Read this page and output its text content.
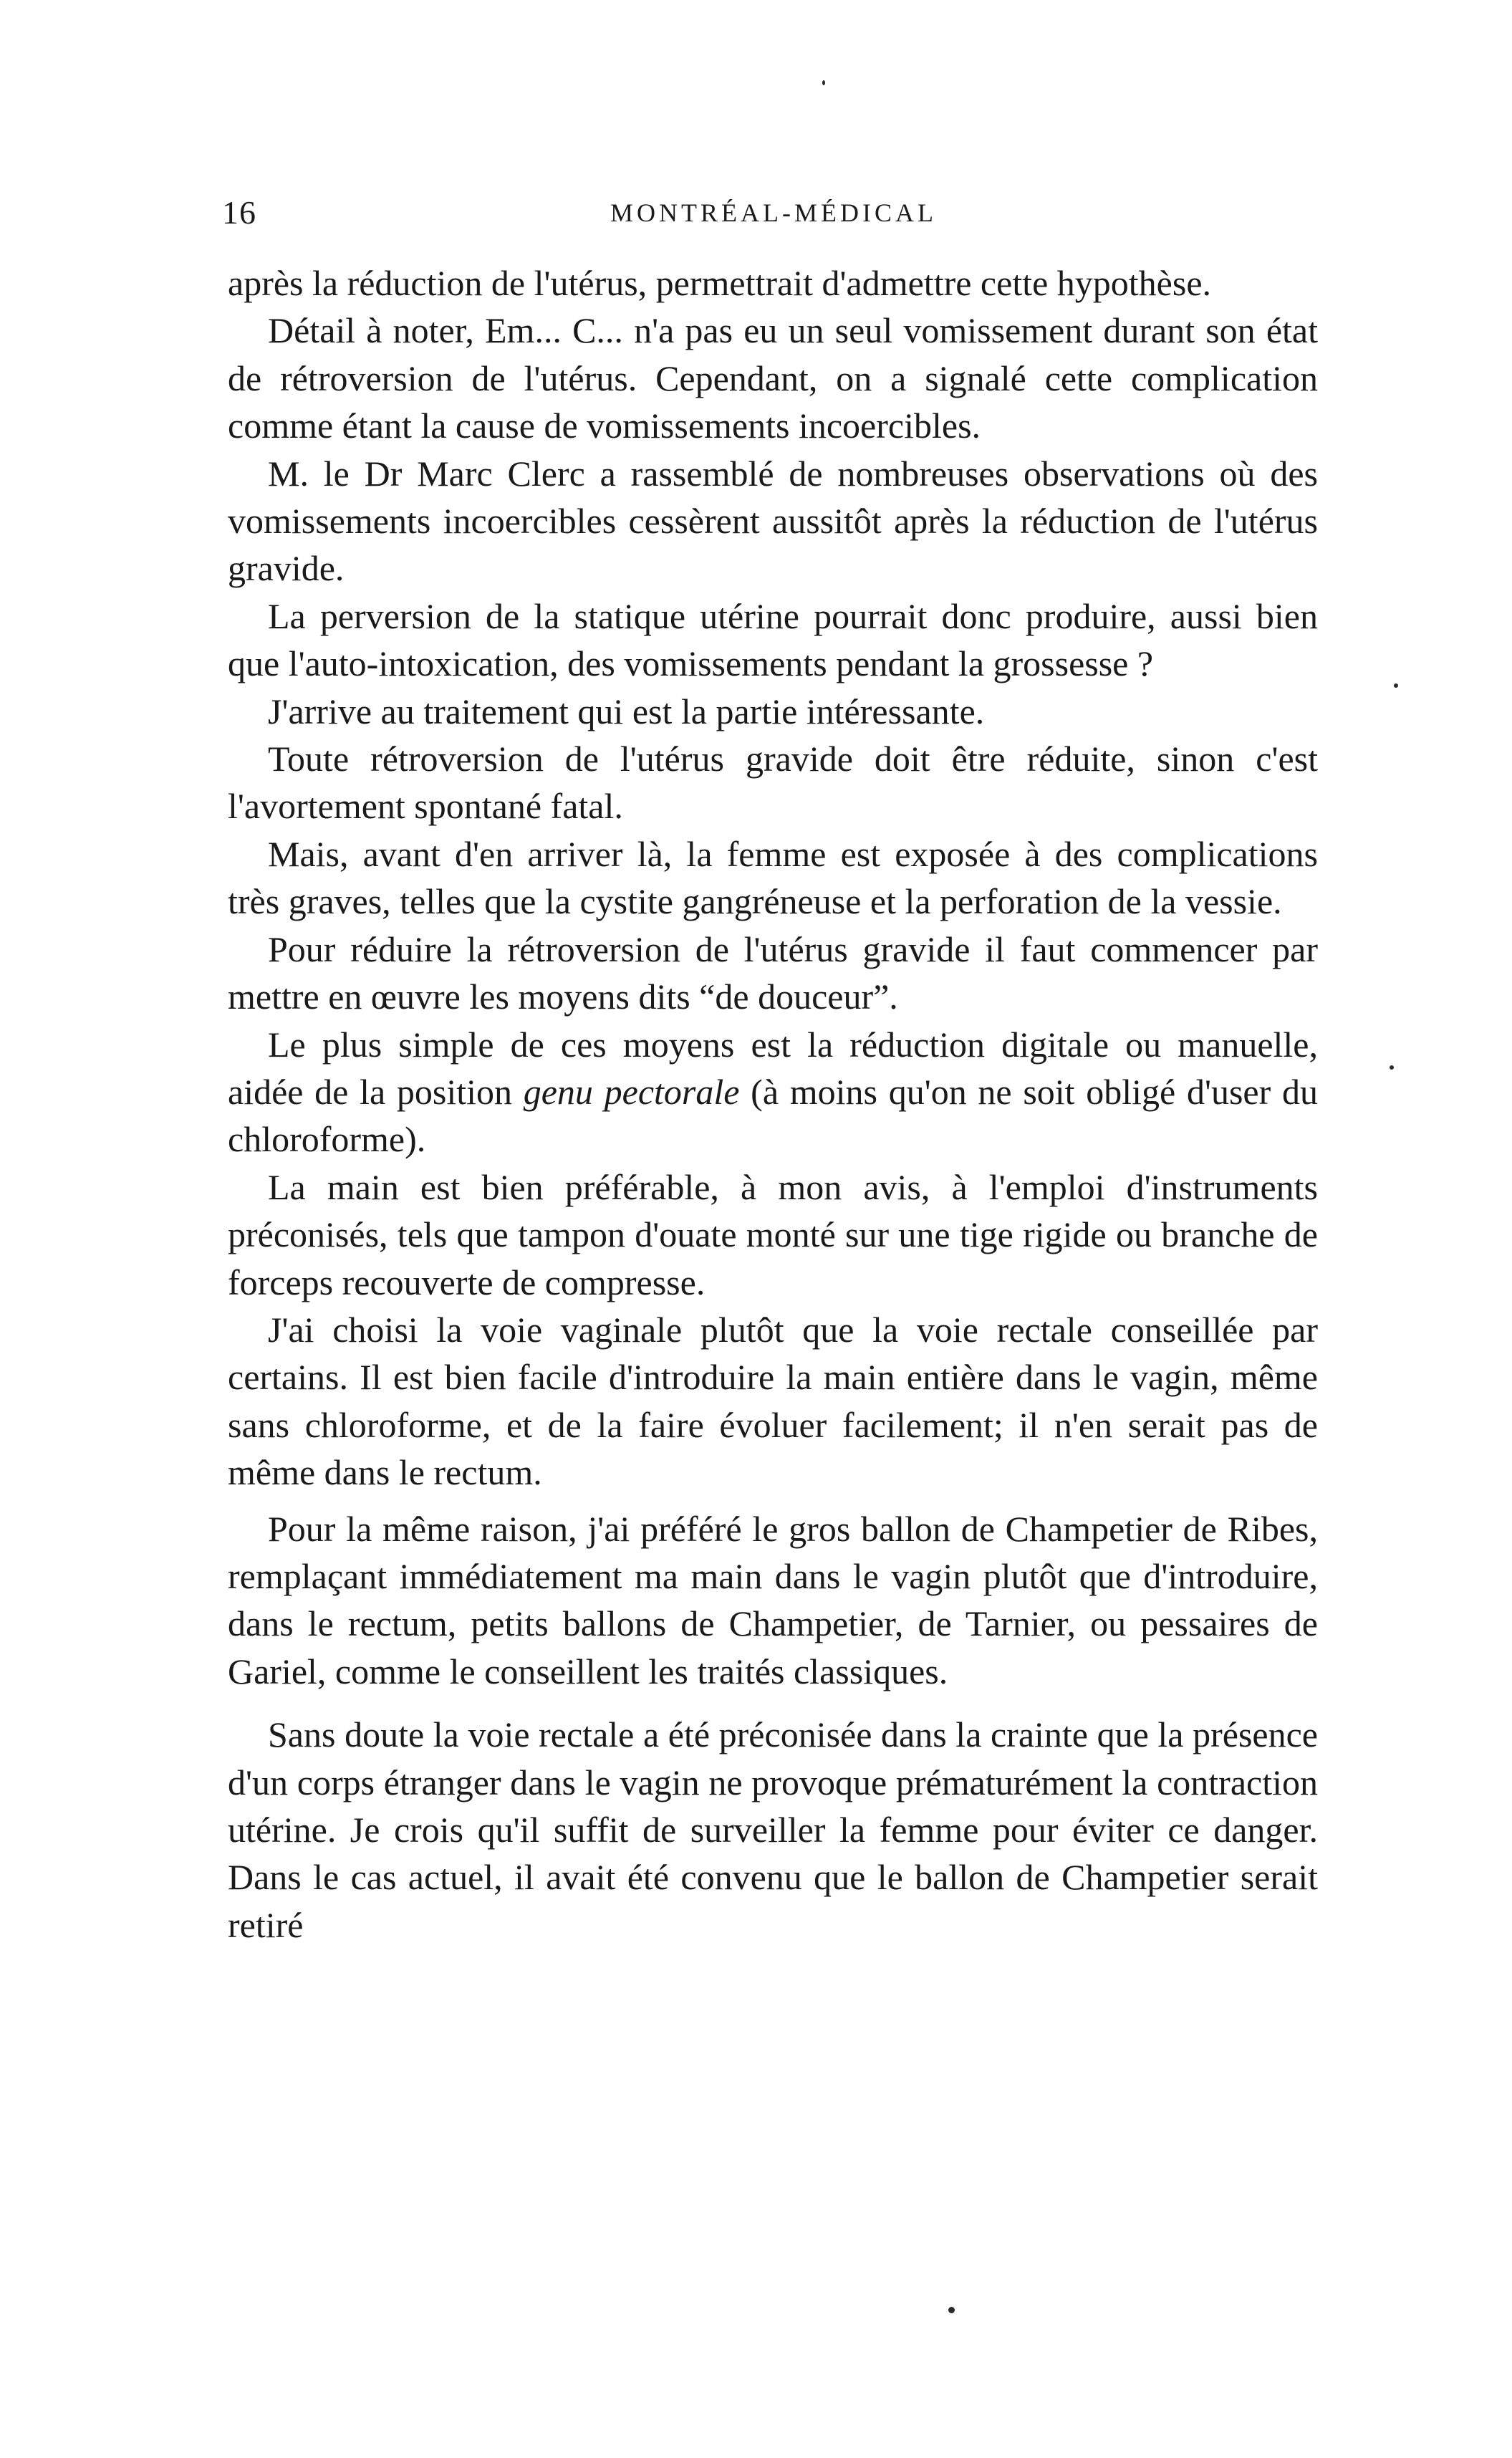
16	MONTRÉAL-MÉDICAL

après la réduction de l'utérus, permettrait d'admettre cette hypothèse.

Détail à noter, Em... C... n'a pas eu un seul vomissement durant son état de rétroversion de l'utérus. Cependant, on a signalé cette complication comme étant la cause de vomissements incoercibles.

M. le Dr Marc Clerc a rassemblé de nombreuses observations où des vomissements incoercibles cessèrent aussitôt après la réduction de l'utérus gravide.

La perversion de la statique utérine pourrait donc produire, aussi bien que l'auto-intoxication, des vomissements pendant la grossesse ?

J'arrive au traitement qui est la partie intéressante.

Toute rétroversion de l'utérus gravide doit être réduite, sinon c'est l'avortement spontané fatal.

Mais, avant d'en arriver là, la femme est exposée à des complications très graves, telles que la cystite gangréneuse et la perforation de la vessie.

Pour réduire la rétroversion de l'utérus gravide il faut commencer par mettre en œuvre les moyens dits “de douceur”.

Le plus simple de ces moyens est la réduction digitale ou manuelle, aidée de la position genu pectorale (à moins qu'on ne soit obligé d'user du chloroforme).

La main est bien préférable, à mon avis, à l'emploi d'instruments préconisés, tels que tampon d'ouate monté sur une tige rigide ou branche de forceps recouverte de compresse.

J'ai choisi la voie vaginale plutôt que la voie rectale conseillée par certains. Il est bien facile d'introduire la main entière dans le vagin, même sans chloroforme, et de la faire évoluer facilement; il n'en serait pas de même dans le rectum.

Pour la même raison, j'ai préféré le gros ballon de Champetier de Ribes, remplaçant immédiatement ma main dans le vagin plutôt que d'introduire, dans le rectum, petits ballons de Champetier, de Tarnier, ou pessaires de Gariel, comme le conseillent les traités classiques.

Sans doute la voie rectale a été préconisée dans la crainte que la présence d'un corps étranger dans le vagin ne provoque prématurément la contraction utérine. Je crois qu'il suffit de surveiller la femme pour éviter ce danger. Dans le cas actuel, il avait été convenu que le ballon de Champetier serait retiré
